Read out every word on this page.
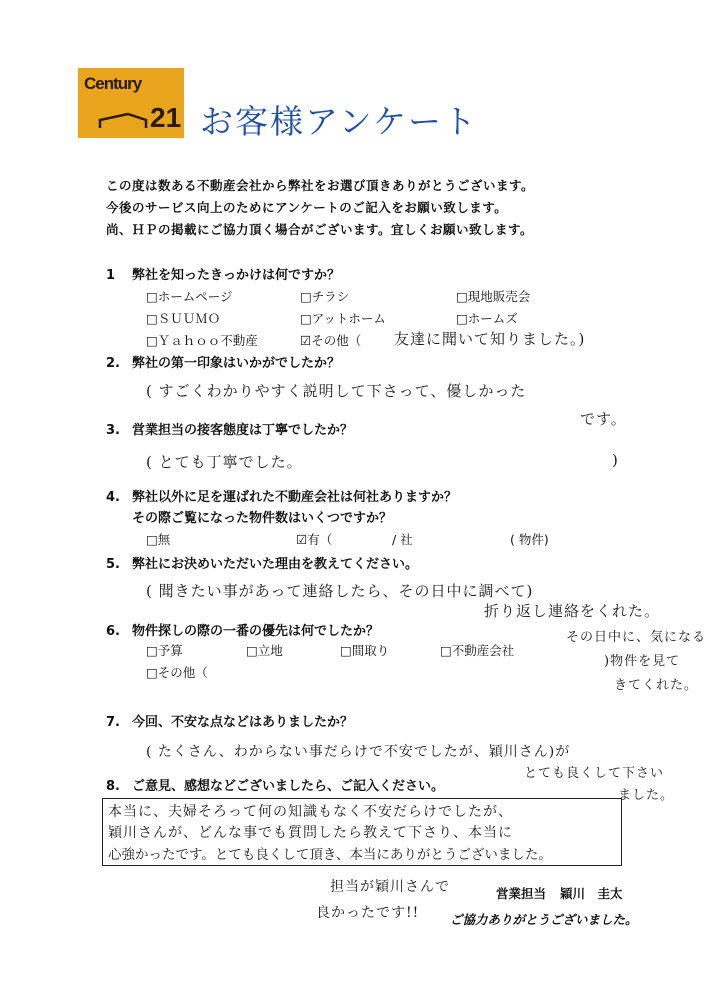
Century
21 お客様アンケート
この度は数ある不動産会社から弊社をお選び頂きありがとうございます。
今後のサービス向上のためにアンケートのご記入をお願い致します。
尚、ＨＰの掲載にご協力頂く場合がございます。宜しくお願い致します。
1 弊社を知ったきっかけは何ですか？
□ホームページ	□チラシ	□現地販売会
□ＳＵＵＭＯ	□アットホーム	□ホームズ
□Ｙａｈｏｏ不動産	☑その他（ 友達に聞いて知りました。)
2. 弊社の第一印象はいかがでしたか？
( すごくわかりやすく説明して下さって、優しかった
です。
3. 営業担当の接客態度は丁寧でしたか？
( とても丁寧でした。	)
4. 弊社以外に足を運ばれた不動産会社は何社ありますか？
その際ご覧になった物件数はいくつですか？
□無	☑有（	/ 社	( 物件)
5. 弊社にお決めいただいた理由を教えてください。
( 聞きたい事があって連絡したら、その日中に調べて)
折り返し連絡をくれた。
6. 物件探しの際の一番の優先は何でしたか？
□予算	□立地	□間取り	□不動産会社
□その他（
その日中に、気になる
)物件を見て
きてくれた。
7. 今回、不安な点などはありましたか？
( たくさん、わからない事だらけで不安でしたが、穎川さん)が
とても良くして下さい
ました。
8. ご意見、感想などございましたら、ご記入ください。
本当に、夫婦そろって何の知識もなく不安だらけでしたが、
穎川さんが、どんな事でも質問したら教えて下さり、本当に
心強かったです。とても良くして頂き、本当にありがとうございました。
担当が穎川さんで
良かったです!!
営業担当 穎川　圭太
ご協力ありがとうございました。
